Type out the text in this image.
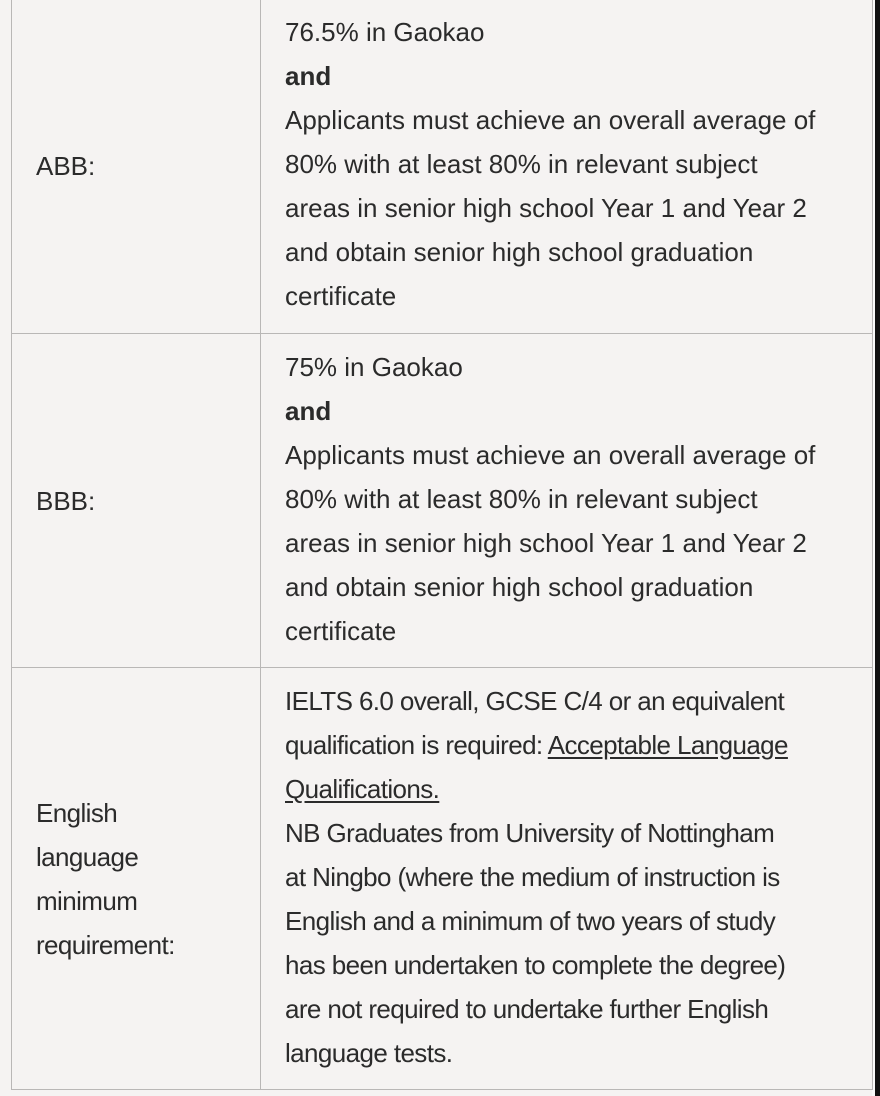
ABB:	
76.5% in Gaokao
and
Applicants must achieve an overall average of
80% with at least 80% in relevant subject
areas in senior high school Year 1 and Year 2
and obtain senior high school graduation
certificate

BBB:	
75% in Gaokao
and
Applicants must achieve an overall average of
80% with at least 80% in relevant subject
areas in senior high school Year 1 and Year 2
and obtain senior high school graduation
certificate

English
language
minimum
requirement:

IELTS 6.0 overall, GCSE C/4 or an equivalent
qualification is required: Acceptable Language
Qualifications.
NB Graduates from University of Nottingham
at Ningbo (where the medium of instruction is
English and a minimum of two years of study
has been undertaken to complete the degree)
are not required to undertake further English
language tests.
